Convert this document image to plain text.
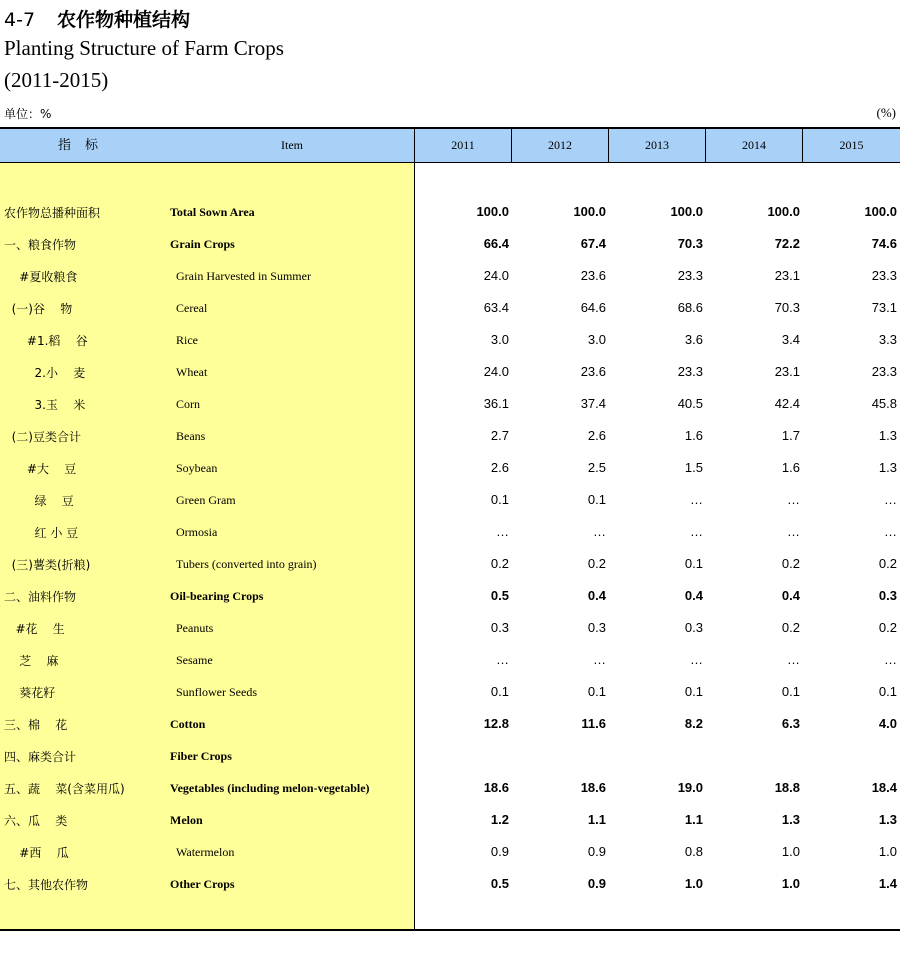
4-7 农作物种植结构
Planting Structure of Farm Crops
(2011-2015)
单位：%	(%)
指标	Item	2011	2012	2013	2014	2015
农作物总播种面积	Total Sown Area	100.0	100.0	100.0	100.0	100.0
一、粮食作物	Grain Crops	66.4	67.4	70.3	72.2	74.6
#夏收粮食	Grain Harvested in Summer	24.0	23.6	23.3	23.1	23.3
(一)谷    物	Cereal	63.4	64.6	68.6	70.3	73.1
#1.稻    谷	Rice	3.0	3.0	3.6	3.4	3.3
2.小    麦	Wheat	24.0	23.6	23.3	23.1	23.3
3.玉    米	Corn	36.1	37.4	40.5	42.4	45.8
(二)豆类合计	Beans	2.7	2.6	1.6	1.7	1.3
#大    豆	Soybean	2.6	2.5	1.5	1.6	1.3
绿    豆	Green Gram	0.1	0.1	…	…	…
红 小 豆	Ormosia	…	…	…	…	…
(三)薯类(折粮)	Tubers (converted into grain)	0.2	0.2	0.1	0.2	0.2
二、油料作物	Oil-bearing Crops	0.5	0.4	0.4	0.4	0.3
#花    生	Peanuts	0.3	0.3	0.3	0.2	0.2
芝    麻	Sesame	…	…	…	…	…
葵花籽	Sunflower Seeds	0.1	0.1	0.1	0.1	0.1
三、棉    花	Cotton	12.8	11.6	8.2	6.3	4.0
四、麻类合计	Fiber Crops
五、蔬    菜(含菜用瓜)	Vegetables (including melon-vegetable)	18.6	18.6	19.0	18.8	18.4
六、瓜    类	Melon	1.2	1.1	1.1	1.3	1.3
#西    瓜	Watermelon	0.9	0.9	0.8	1.0	1.0
七、其他农作物	Other Crops	0.5	0.9	1.0	1.0	1.4
